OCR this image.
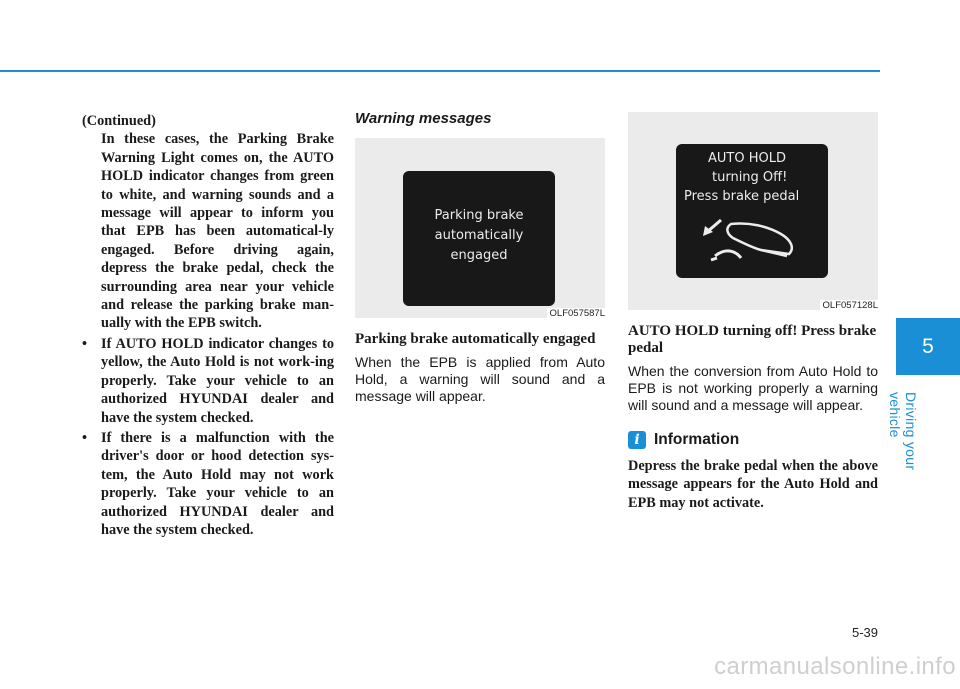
5
Driving your vehicle
(Continued)
In these cases, the Parking Brake Warning Light comes on, the AUTO HOLD indicator changes from green to white, and warning sounds and a message will appear to inform you that EPB has been automatical-ly engaged. Before driving again, depress the brake pedal, check the surrounding area near your vehicle and release the parking brake man-ually with the EPB switch.
• If AUTO HOLD indicator changes to yellow, the Auto Hold is not work-ing properly. Take your vehicle to an authorized HYUNDAI dealer and have the system checked.
• If there is a malfunction with the driver's door or hood detection sys-tem, the Auto Hold may not work properly. Take your vehicle to an authorized HYUNDAI dealer and have the system checked.
Warning messages
Parking brake
automatically
engaged
OLF057587L
Parking brake automatically engaged
When the EPB is applied from Auto Hold, a warning will sound and a message will appear.
AUTO HOLD
turning Off!
Press brake pedal
OLF057128L
AUTO HOLD turning off! Press brake pedal
When the conversion from Auto Hold to EPB is not working properly a warning will sound and a message will appear.
i Information
Depress the brake pedal when the above message appears for the Auto Hold and EPB may not activate.
5-39
carmanualsonline.info
